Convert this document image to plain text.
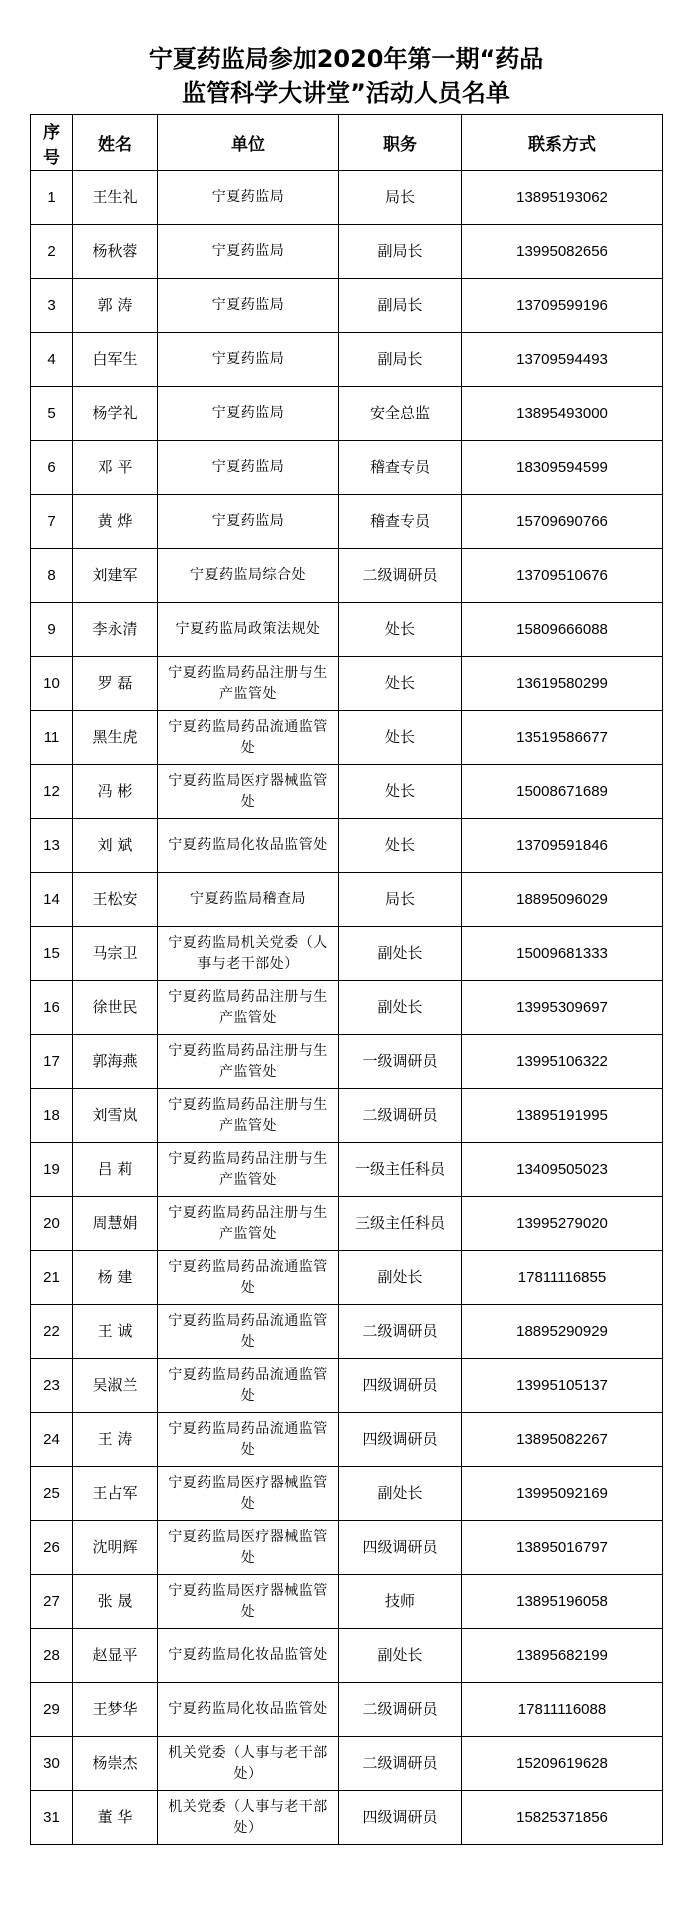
宁夏药监局参加2020年第一期“药品
监管科学大讲堂”活动人员名单
序号	姓名	单位	职务	联系方式
1	王生礼	宁夏药监局	局长	13895193062
2	杨秋蓉	宁夏药监局	副局长	13995082656
3	郭 涛	宁夏药监局	副局长	13709599196
4	白军生	宁夏药监局	副局长	13709594493
5	杨学礼	宁夏药监局	安全总监	13895493000
6	邓 平	宁夏药监局	稽查专员	18309594599
7	黄 烨	宁夏药监局	稽查专员	15709690766
8	刘建军	宁夏药监局综合处	二级调研员	13709510676
9	李永清	宁夏药监局政策法规处	处长	15809666088
10	罗 磊	宁夏药监局药品注册与生产监管处	处长	13619580299
11	黑生虎	宁夏药监局药品流通监管处	处长	13519586677
12	冯 彬	宁夏药监局医疗器械监管处	处长	15008671689
13	刘 斌	宁夏药监局化妆品监管处	处长	13709591846
14	王松安	宁夏药监局稽查局	局长	18895096029
15	马宗卫	宁夏药监局机关党委（人事与老干部处）	副处长	15009681333
16	徐世民	宁夏药监局药品注册与生产监管处	副处长	13995309697
17	郭海燕	宁夏药监局药品注册与生产监管处	一级调研员	13995106322
18	刘雪岚	宁夏药监局药品注册与生产监管处	二级调研员	13895191995
19	吕 莉	宁夏药监局药品注册与生产监管处	一级主任科员	13409505023
20	周慧娟	宁夏药监局药品注册与生产监管处	三级主任科员	13995279020
21	杨 建	宁夏药监局药品流通监管处	副处长	17811116855
22	王 诚	宁夏药监局药品流通监管处	二级调研员	18895290929
23	吴淑兰	宁夏药监局药品流通监管处	四级调研员	13995105137
24	王 涛	宁夏药监局药品流通监管处	四级调研员	13895082267
25	王占军	宁夏药监局医疗器械监管处	副处长	13995092169
26	沈明辉	宁夏药监局医疗器械监管处	四级调研员	13895016797
27	张 晟	宁夏药监局医疗器械监管处	技师	13895196058
28	赵显平	宁夏药监局化妆品监管处	副处长	13895682199
29	王梦华	宁夏药监局化妆品监管处	二级调研员	17811116088
30	杨崇杰	机关党委（人事与老干部处）	二级调研员	15209619628
31	董 华	机关党委（人事与老干部处）	四级调研员	15825371856
